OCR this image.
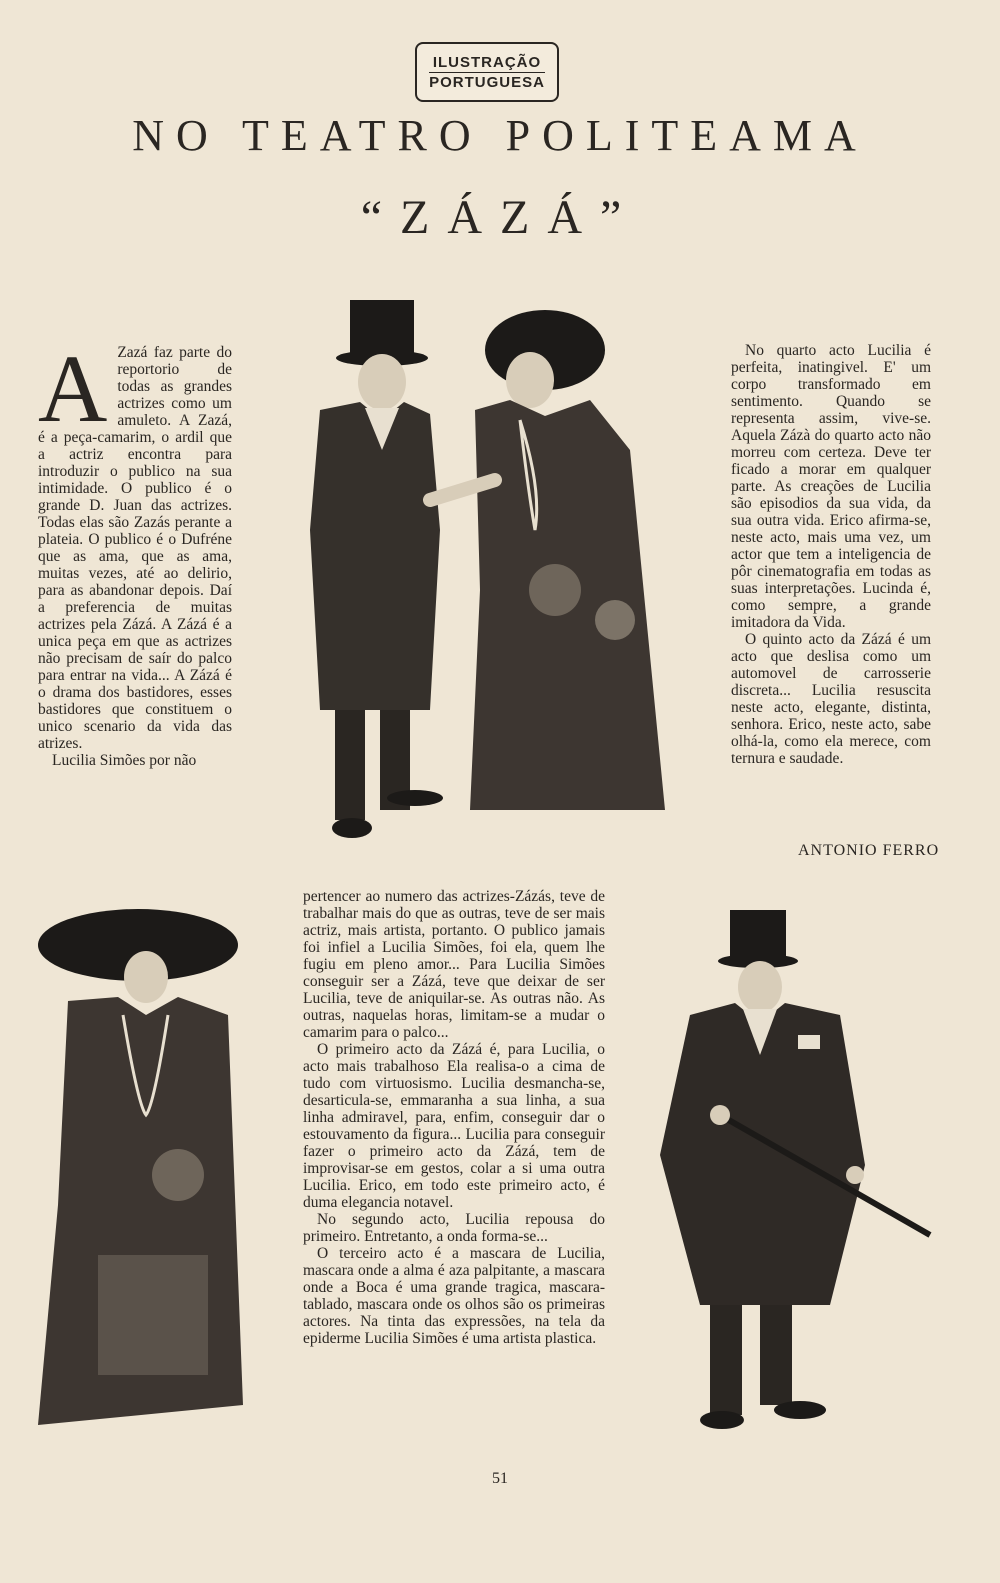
ILUSTRAÇÃO
PORTUGUESA
NO TEATRO POLITEAMA
“ZÁZÁ”
A Zazá faz parte do reportorio de todas as grandes actrizes como um amuleto. A Zazá, é a peça-camarim, o ardil que a actriz encontra para introduzir o publico na sua intimidade. O publico é o grande D. Juan das actrizes. Todas elas são Zazás perante a plateia. O publico é o Dufréne que as ama, que as ama, muitas vezes, até ao delirio, para as abandonar depois. Daí a preferencia de muitas actrizes pela Zázá. A Zázá é a unica peça em que as actrizes não precisam de saír do palco para entrar na vida... A Zázá é o drama dos bastidores, esses bastidores que constituem o unico scenario da vida das atrizes.

Lucilia Simões por não

No quarto acto Lucilia é perfeita, inatingivel. E' um corpo transformado em sentimento. Quando se representa assim, vive-se. Aquela Zázà do quarto acto não morreu com certeza. Deve ter ficado a morar em qualquer parte. As creações de Lucilia são episodios da sua vida, da sua outra vida. Erico afirma-se, neste acto, mais uma vez, um actor que tem a inteligencia de pôr cinematografia em todas as suas interpretações. Lucinda é, como sempre, a grande imitadora da Vida.

O quinto acto da Zázá é um acto que deslisa como um automovel de carrosserie discreta... Lucilia resuscita neste acto, elegante, distinta, senhora. Erico, neste acto, sabe olhá-la, como ela merece, com ternura e saudade.

ANTONIO FERRO

pertencer ao numero das actrizes-Zázás, teve de trabalhar mais do que as outras, teve de ser mais actriz, mais artista, portanto. O publico jamais foi infiel a Lucilia Simões, foi ela, quem lhe fugiu em pleno amor... Para Lucilia Simões conseguir ser a Zázá, teve que deixar de ser Lucilia, teve de aniquilar-se. As outras não. As outras, naquelas horas, limitam-se a mudar o camarim para o palco...

O primeiro acto da Zázá é, para Lucilia, o acto mais trabalhoso Ela realisa-o a cima de tudo com virtuosismo. Lucilia desmancha-se, desarticula-se, emmaranha a sua linha, a sua linha admiravel, para, enfim, conseguir dar o estouvamento da figura... Lucilia para conseguir fazer o primeiro acto da Zázá, tem de improvisar-se em gestos, colar a si uma outra Lucilia. Erico, em todo este primeiro acto, é duma elegancia notavel.

No segundo acto, Lucilia repousa do primeiro. Entretanto, a onda forma-se...

O terceiro acto é a mascara de Lucilia, mascara onde a alma é aza palpitante, a mascara onde a Boca é uma grande tragica, mascara-tablado, mascara onde os olhos são os primeiras actores. Na tinta das expressões, na tela da epiderme Lucilia Simões é uma artista plastica.

51
